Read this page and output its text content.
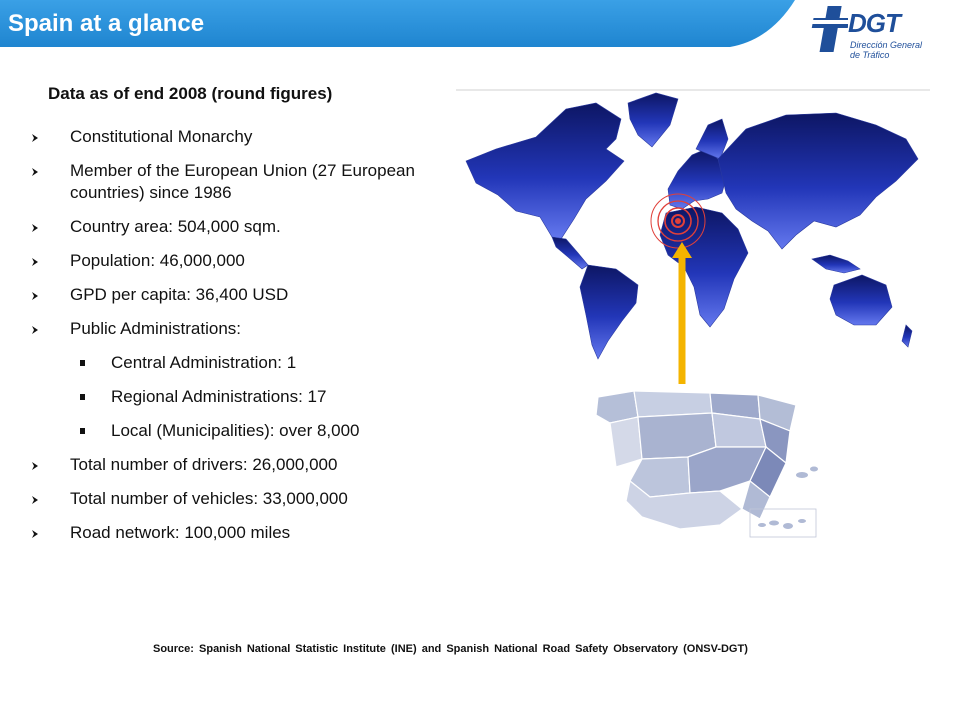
Spain at a glance	DGT
Dirección General
de Tráfico
Data as of end 2008 (round figures)
Constitutional Monarchy
Member of the European Union (27 European countries) since 1986
Country area: 504,000 sqm.
Population: 46,000,000
GPD per capita: 36,400 USD
Public Administrations:
Central Administration: 1
Regional Administrations: 17
Local (Municipalities): over 8,000
Total number of drivers: 26,000,000
Total number of vehicles: 33,000,000
Road network: 100,000 miles
Source: Spanish National Statistic Institute (INE) and Spanish National Road Safety Observatory (ONSV-DGT)
